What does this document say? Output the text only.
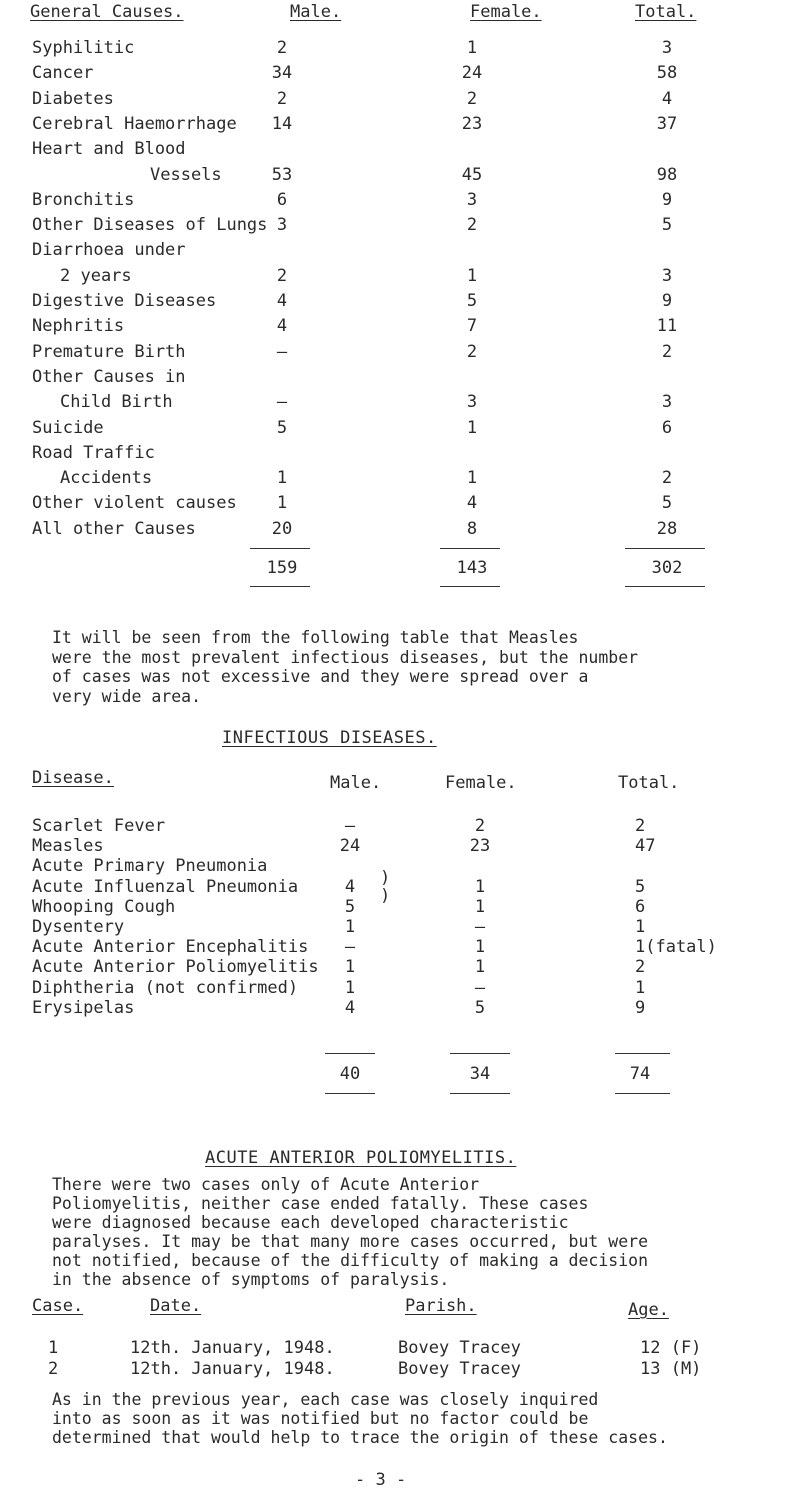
General Causes.	Male.	Female.	Total.
Syphilitic	2	1	3
Cancer	34	24	58
Diabetes	2	2	4
Cerebral Haemorrhage	14	23	37
Heart and Blood
Vessels	53	45	98
Bronchitis	6	3	9
Other Diseases of Lungs 3	2	5
Diarrhoea under
2 years	2	1	3
Digestive Diseases	4	5	9
Nephritis	4	7	11
Premature Birth	–	2	2
Other Causes in
Child Birth	–	3	3
Suicide	5	1	6
Road Traffic
Accidents	1	1	2
Other violent causes	1	4	5
All other Causes	20	8	28
159	143	302
It will be seen from the following table that Measles
were the most prevalent infectious diseases, but the number
of cases was not excessive and they were spread over a
very wide area.
INFECTIOUS DISEASES.
Disease.	Male.	Female.	Total.
Scarlet Fever	–	2	2
Measles	24	23	47
Acute Primary Pneumonia
Acute Influenzal Pneumonia	4	1	5
Whooping Cough	5	1	6
Dysentery	1	–	1
Acute Anterior Encephalitis	–	1	1(fatal)
Acute Anterior Poliomyelitis	1	1	2
Diphtheria (not confirmed)	1	–	1
Erysipelas	4	5	9
)
)
40	34	74
ACUTE ANTERIOR POLIOMYELITIS.
There were two cases only of Acute Anterior
Poliomyelitis, neither case ended fatally. These cases
were diagnosed because each developed characteristic
paralyses. It may be that many more cases occurred, but were
not notified, because of the difficulty of making a decision
in the absence of symptoms of paralysis.
Case.	Date.	Parish.	Age.
1	12th. January, 1948.	Bovey Tracey	12 (F)
2	12th. January, 1948.	Bovey Tracey	13 (M)
As in the previous year, each case was closely inquired
into as soon as it was notified but no factor could be
determined that would help to trace the origin of these cases.
- 3 -
